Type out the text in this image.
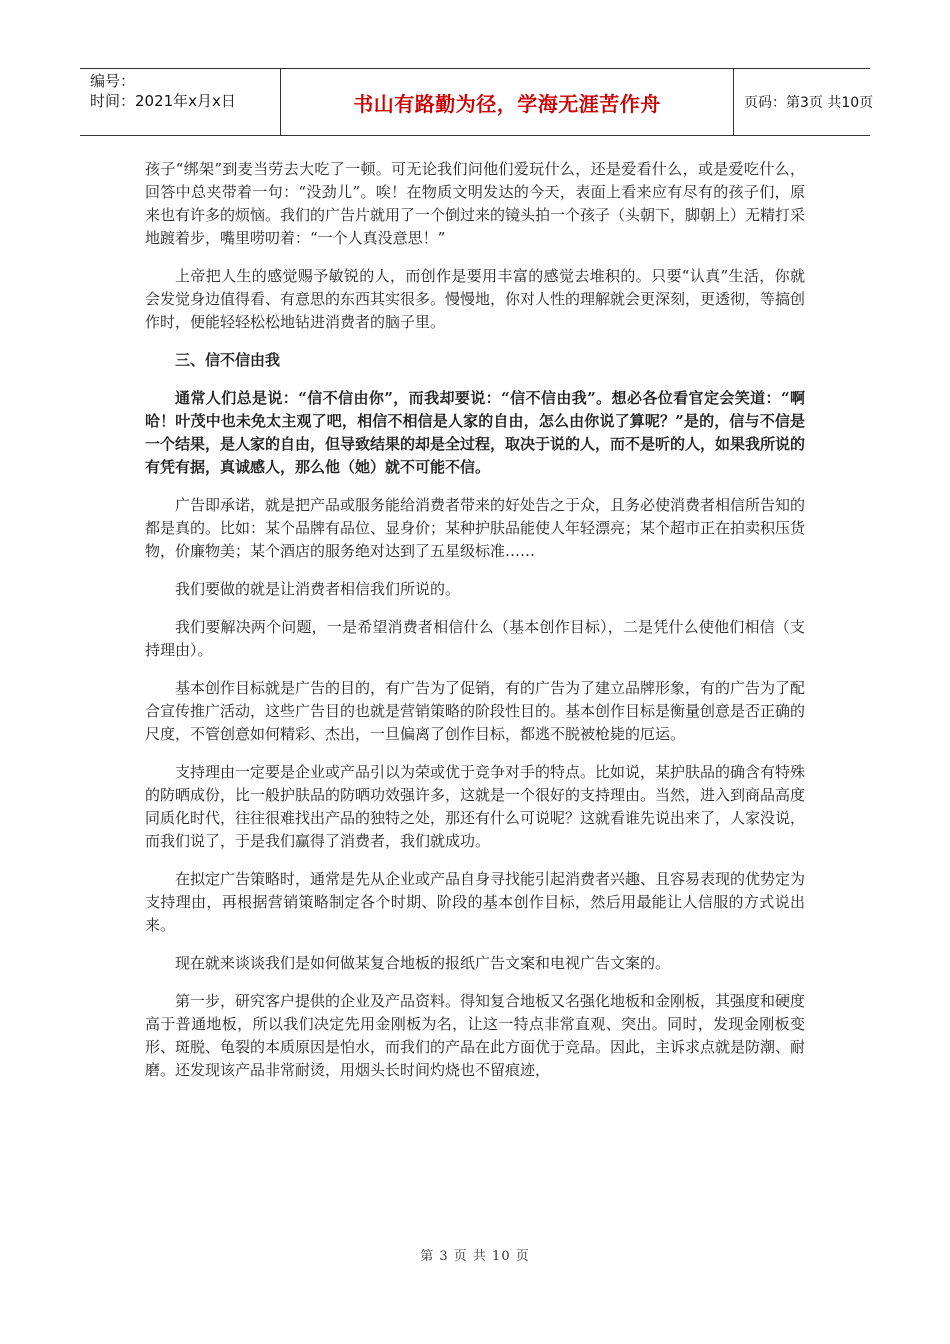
编号：
时间：2021年x月x日	书山有路勤为径，学海无涯苦作舟	页码：第3页 共10页

孩子“绑架”到麦当劳去大吃了一顿。可无论我们问他们爱玩什么，还是爱看什么，或是爱吃什么，回答中总夹带着一句：“没劲儿”。唉！在物质文明发达的今天，表面上看来应有尽有的孩子们，原来也有许多的烦恼。我们的广告片就用了一个倒过来的镜头拍一个孩子（头朝下，脚朝上）无精打采地踱着步，嘴里唠叨着：“一个人真没意思！”

上帝把人生的感觉赐予敏锐的人，而创作是要用丰富的感觉去堆积的。只要“认真”生活，你就会发觉身边值得看、有意思的东西其实很多。慢慢地，你对人性的理解就会更深刻，更透彻，等搞创作时，便能轻轻松松地钻进消费者的脑子里。

三、信不信由我

通常人们总是说：“信不信由你”，而我却要说：“信不信由我”。想必各位看官定会笑道：“啊哈！叶茂中也未免太主观了吧，相信不相信是人家的自由，怎么由你说了算呢？”是的，信与不信是一个结果，是人家的自由，但导致结果的却是全过程，取决于说的人，而不是听的人，如果我所说的有凭有据，真诚感人，那么他（她）就不可能不信。

广告即承诺，就是把产品或服务能给消费者带来的好处告之于众，且务必使消费者相信所告知的都是真的。比如：某个品牌有品位、显身价；某种护肤品能使人年轻漂亮；某个超市正在拍卖积压货物，价廉物美；某个酒店的服务绝对达到了五星级标准……

我们要做的就是让消费者相信我们所说的。

我们要解决两个问题，一是希望消费者相信什么（基本创作目标），二是凭什么使他们相信（支持理由）。

基本创作目标就是广告的目的，有广告为了促销，有的广告为了建立品牌形象，有的广告为了配合宣传推广活动，这些广告目的也就是营销策略的阶段性目的。基本创作目标是衡量创意是否正确的尺度，不管创意如何精彩、杰出，一旦偏离了创作目标，都逃不脱被枪毙的厄运。

支持理由一定要是企业或产品引以为荣或优于竞争对手的特点。比如说，某护肤品的确含有特殊的防晒成份，比一般护肤品的防晒功效强许多，这就是一个很好的支持理由。当然，进入到商品高度同质化时代，往往很难找出产品的独特之处，那还有什么可说呢？这就看谁先说出来了，人家没说，而我们说了，于是我们赢得了消费者，我们就成功。

在拟定广告策略时，通常是先从企业或产品自身寻找能引起消费者兴趣、且容易表现的优势定为支持理由，再根据营销策略制定各个时期、阶段的基本创作目标，然后用最能让人信服的方式说出来。

现在就来谈谈我们是如何做某复合地板的报纸广告文案和电视广告文案的。

第一步，研究客户提供的企业及产品资料。得知复合地板又名强化地板和金刚板，其强度和硬度高于普通地板，所以我们决定先用金刚板为名，让这一特点非常直观、突出。同时，发现金刚板变形、斑脱、龟裂的本质原因是怕水，而我们的产品在此方面优于竞品。因此，主诉求点就是防潮、耐磨。还发现该产品非常耐烫，用烟头长时间灼烧也不留痕迹，

第 3 页 共 10 页
